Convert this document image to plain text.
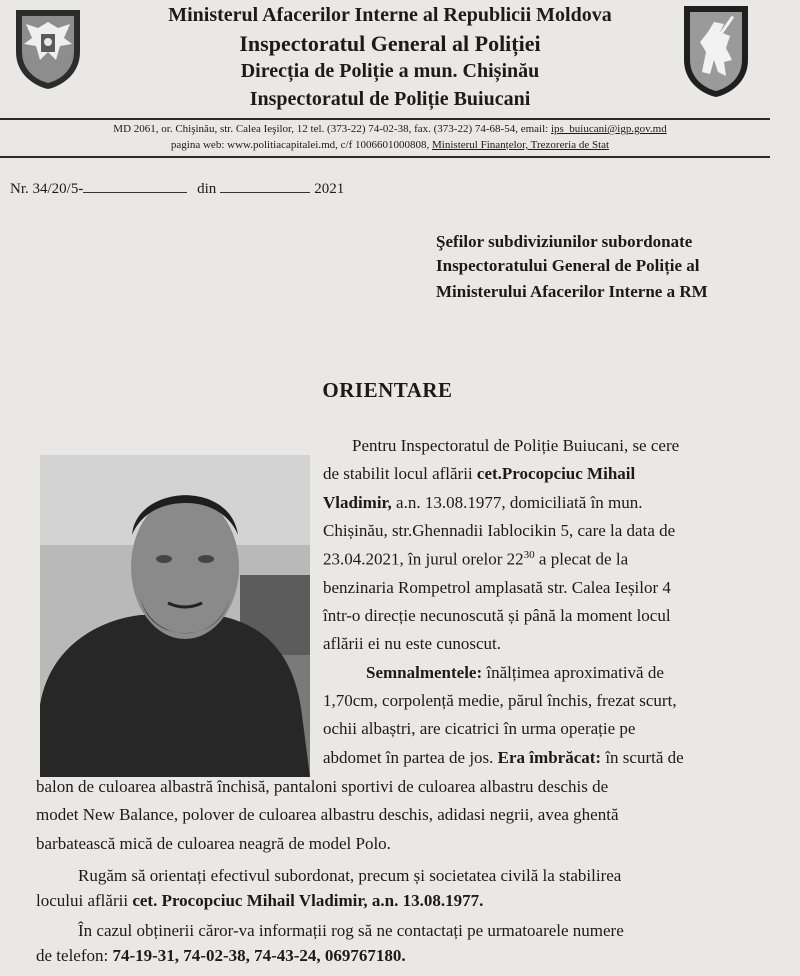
Ministerul Afacerilor Interne al Republicii Moldova
Inspectoratul General al Poliției
Direcția de Poliție a mun. Chișinău
Inspectoratul de Poliție Buiucani
MD 2061, or. Chişinău, str. Calea Ieşilor, 12 tel. (373-22) 74-02-38, fax. (373-22) 74-68-54, email: ips_buiucani@igp.gov.md
pagina web: www.politiacapitalei.md, c/f 1006601000808, Ministerul Finanțelor, Trezoreria de Stat
Nr. 34/20/5-	din	2021
Şefilor subdiviziunilor subordonate
Inspectoratului General de Poliție al
Ministerului Afacerilor Interne a RM
ORIENTARE
Pentru Inspectoratul de Poliție Buiucani, se cere
de stabilit locul aflării cet.Procopciuc Mihail
Vladimir, a.n. 13.08.1977, domiciliată în mun.
Chișinău, str.Ghennadii Iablocikin 5, care la data de
23.04.2021, în jurul orelor $22^{30}$ a plecat de la
benzinaria Rompetrol amplasată str. Calea Ieșilor 4
într-o direcție necunoscută și până la moment locul
aflării ei nu este cunoscut.
Semnalmentele: înălțimea aproximativă de
1,70cm, corpolență medie, părul închis, frezat scurt,
ochii albaștri, are cicatrici în urma operație pe
abdomet în partea de jos. Era îmbrăcat: în scurtă de
balon de culoarea albastră închisă, pantaloni sportivi de culoarea albastru deschis de
modet New Balance, polover de culoarea albastru deschis, adidasi negrii, avea ghentă
barbatească mică de culoarea neagră de model Polo.
Rugăm să orientați efectivul subordonat, precum și societatea civilă la stabilirea
locului aflării cet. Procopciuc Mihail Vladimir, a.n. 13.08.1977.
În cazul obținerii căror-va informații rog să ne contactați pe urmatoarele numere
de telefon: 74-19-31, 74-02-38, 74-43-24, 069767180.
